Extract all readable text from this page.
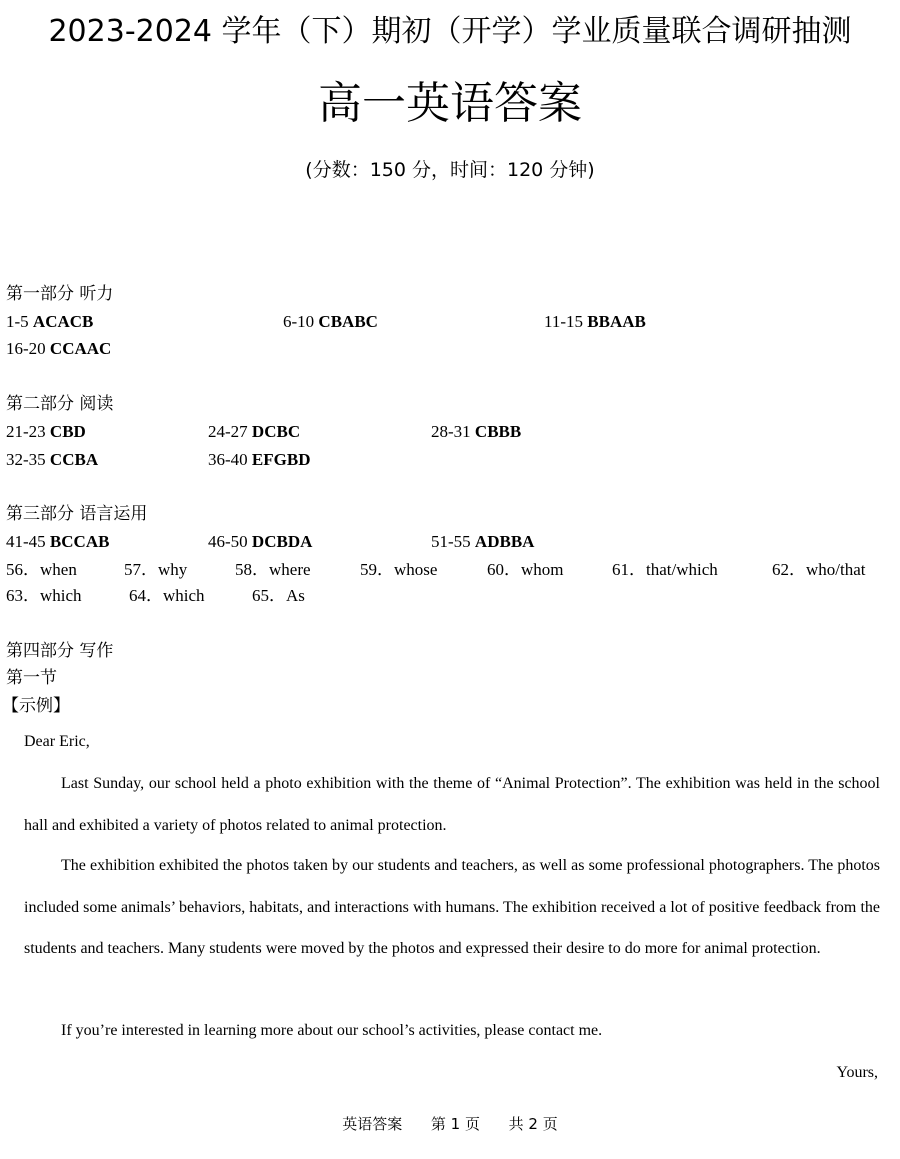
2023-2024 学年（下）期初（开学）学业质量联合调研抽测
高一英语答案
(分数：150 分，时间：120 分钟)
第一部分 听力
1-5 ACACB	6-10 CBABC	11-15 BBAAB
16-20 CCAAC
第二部分 阅读
21-23 CBD	24-27 DCBC	28-31 CBBB
32-35 CCBA	36-40 EFGBD
第三部分 语言运用
41-45 BCCAB	46-50 DCBDA	51-55 ADBBA
56．when	57．why	58．where	59．whose	60．whom	61．that/which	62．who/that
63．which	64．which	65．As
第四部分 写作
第一节
【示例】

Dear Eric,

Last Sunday, our school held a photo exhibition with the theme of “Animal Protection”. The exhibition was held in the school hall and exhibited a variety of photos related to animal protection.

The exhibition exhibited the photos taken by our students and teachers, as well as some professional photographers. The photos included some animals’ behaviors, habitats, and interactions with humans. The exhibition received a lot of positive feedback from the students and teachers. Many students were moved by the photos and expressed their desire to do more for animal protection.

If you’re interested in learning more about our school’s activities, please contact me.

Yours,

英语答案 第 1 页 共 2 页
